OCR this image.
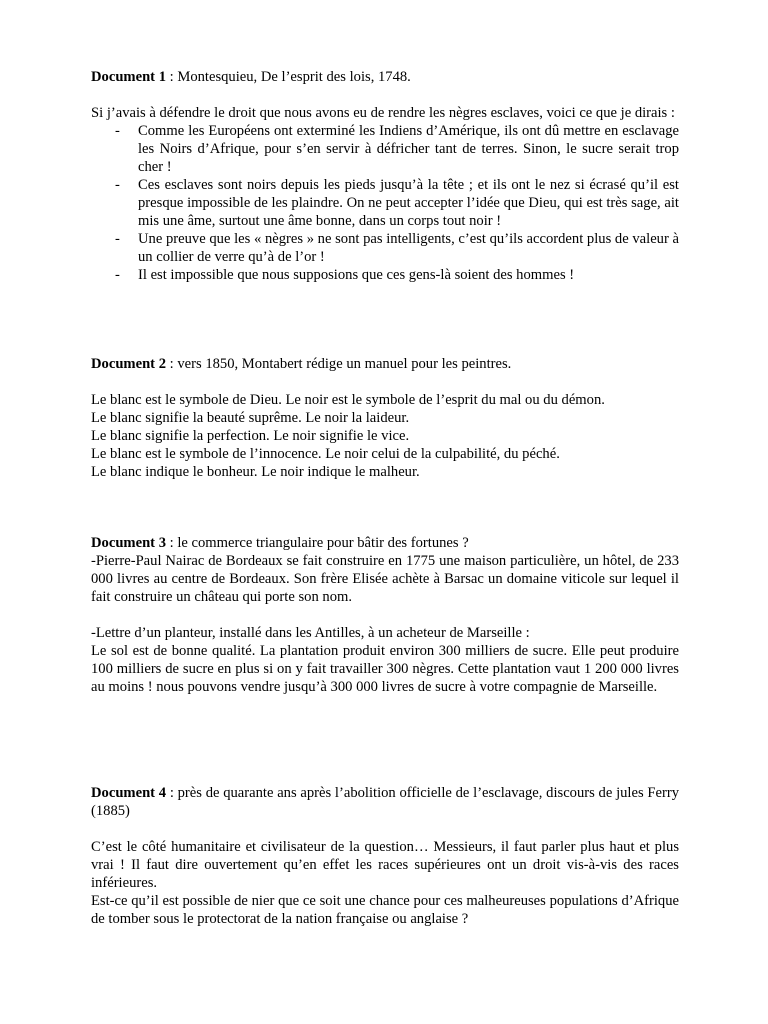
Document 1 : Montesquieu, De l’esprit des lois, 1748.

Si j’avais à défendre le droit que nous avons eu de rendre les nègres esclaves, voici ce que je dirais :

- Comme les Européens ont exterminé les Indiens d’Amérique, ils ont dû mettre en esclavage les Noirs d’Afrique, pour s’en servir à défricher tant de terres. Sinon, le sucre serait trop cher !
- Ces esclaves sont noirs depuis les pieds jusqu’à la tête ; et ils ont le nez si écrasé qu’il est presque impossible de les plaindre. On ne peut accepter l’idée que Dieu, qui est très sage, ait mis une âme, surtout une âme bonne, dans un corps tout noir !
- Une preuve que les « nègres » ne sont pas intelligents, c’est qu’ils accordent plus de valeur à un collier de verre qu’à de l’or !
- Il est impossible que nous supposions que ces gens-là soient des hommes !

Document 2 : vers 1850, Montabert rédige un manuel pour les peintres.

Le blanc est le symbole de Dieu. Le noir est le symbole de l’esprit du mal ou du démon.

Le blanc signifie la beauté suprême. Le noir la laideur.

Le blanc signifie la perfection. Le noir signifie le vice.

Le blanc est le symbole de l’innocence. Le noir celui de la culpabilité, du péché.

Le blanc indique le bonheur. Le noir indique le malheur.

Document 3 : le commerce triangulaire pour bâtir des fortunes ?

-Pierre-Paul Nairac de Bordeaux se fait construire en 1775 une maison particulière, un hôtel, de 233 000 livres au centre de Bordeaux. Son frère Elisée achète à Barsac un domaine viticole sur lequel il fait construire un château qui porte son nom.

-Lettre d’un planteur, installé dans les Antilles, à un acheteur de Marseille :

Le sol est de bonne qualité. La plantation produit environ 300 milliers de sucre. Elle peut produire 100 milliers de sucre en plus si on y fait travailler 300 nègres. Cette plantation vaut 1 200 000 livres au moins ! nous pouvons vendre jusqu’à 300 000 livres de sucre à votre compagnie de Marseille.

Document 4 : près de quarante ans après l’abolition officielle de l’esclavage, discours de jules Ferry (1885)

C’est le côté humanitaire et civilisateur de la question… Messieurs, il faut parler plus haut et plus vrai ! Il faut dire ouvertement qu’en effet les races supérieures ont un droit vis-à-vis des races inférieures.

Est-ce qu’il est possible de nier que ce soit une chance pour ces malheureuses populations d’Afrique de tomber sous le protectorat de la nation française ou anglaise ?
